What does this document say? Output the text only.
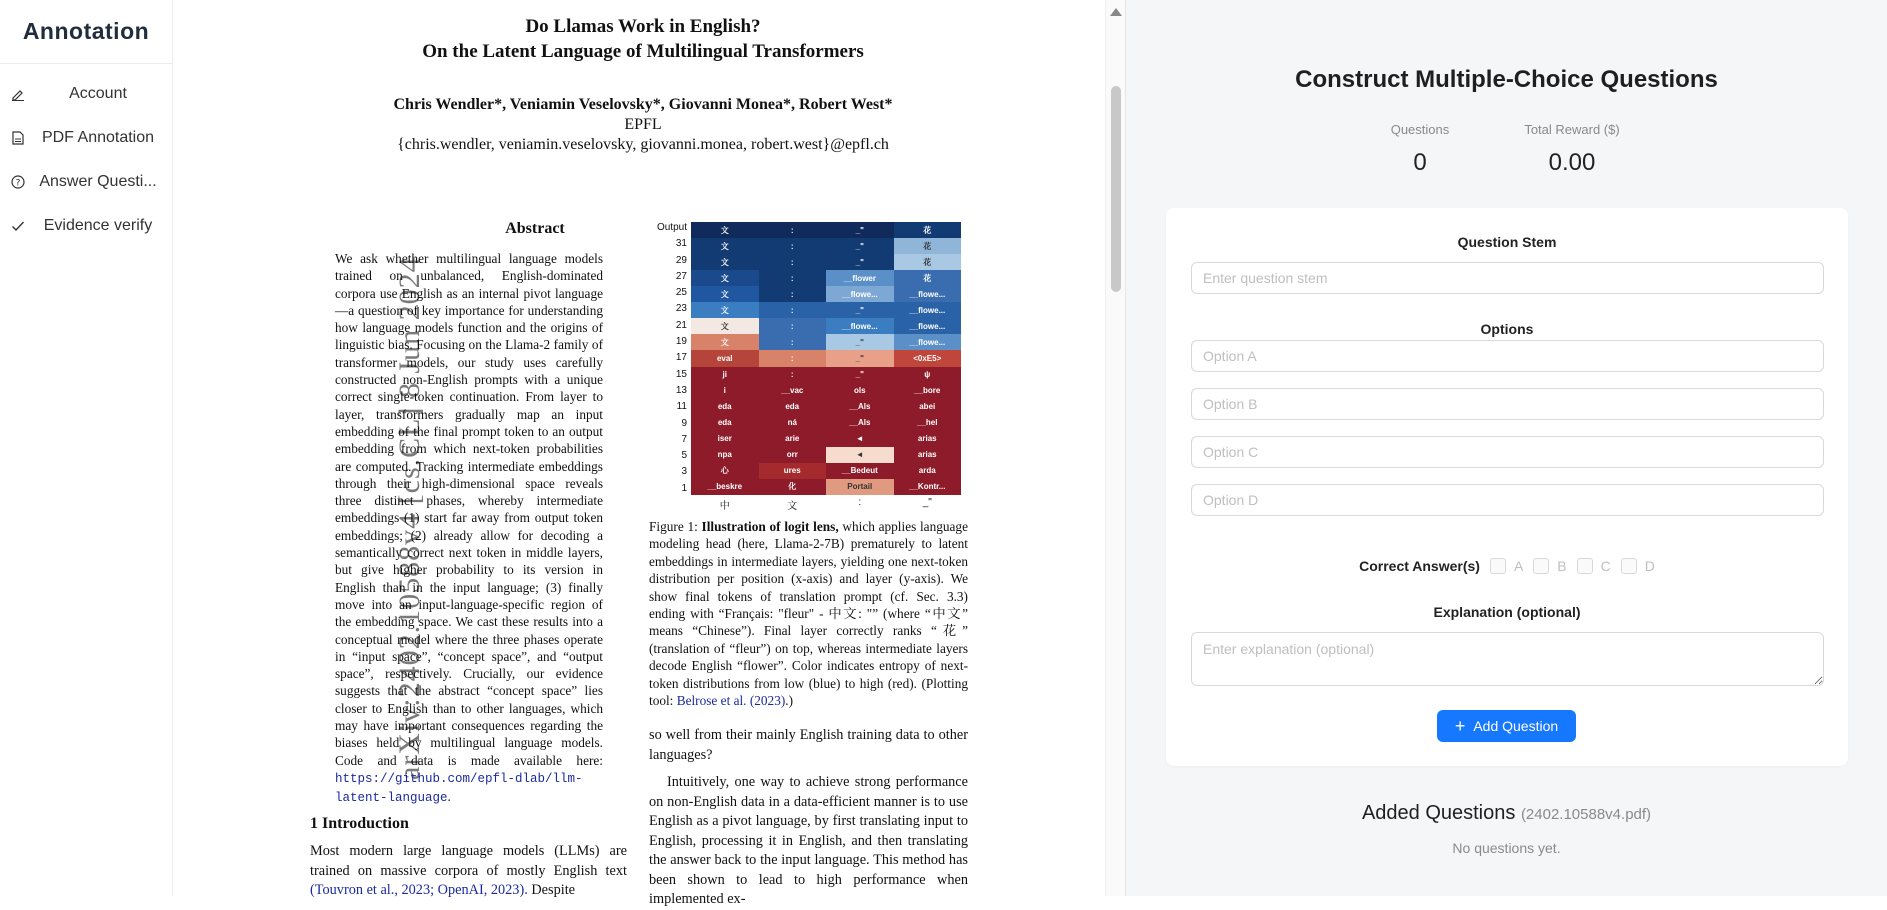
Annotation
Account
PDF Annotation
?	Answer Questi...
Evidence verify
Do Llamas Work in English?
On the Latent Language of Multilingual Transformers
Chris Wendler*, Veniamin Veselovsky*, Giovanni Monea*, Robert West*
EPFL
{chris.wendler, veniamin.veselovsky, giovanni.monea, robert.west}@epfl.ch
arXiv:2402.10588v4 [cs.CL] 8 Jun 2024
Abstract
We ask whether multilingual language models trained on unbalanced, English-dominated corpora use English as an internal pivot language—a question of key importance for understanding how language models function and the origins of linguistic bias. Focusing on the Llama-2 family of transformer models, our study uses carefully constructed non-English prompts with a unique correct single-token continuation. From layer to layer, transformers gradually map an input embedding of the final prompt token to an output embedding from which next-token probabilities are computed. Tracking intermediate embeddings through their high-dimensional space reveals three distinct phases, whereby intermediate embeddings (1) start far away from output token embeddings; (2) already allow for decoding a semantically correct next token in middle layers, but give higher probability to its version in English than in the input language; (3) finally move into an input-language-specific region of the embedding space. We cast these results into a conceptual model where the three phases operate in “input space”, “concept space”, and “output space”, respectively. Crucially, our evidence suggests that the abstract “concept space” lies closer to English than to other languages, which may have important consequences regarding the biases held by multilingual language models. Code and data is made available here: https://github.com/epfl-dlab/llm-latent-language.
1 Introduction
Most modern large language models (LLMs) are trained on massive corpora of mostly English text (Touvron et al., 2023; OpenAI, 2023). Despite
Output
31
29
27
25
23
21
19
17
15
13
11
9
7
5
3
1
文	:	_"	花
文	:	_"	花
文	:	_"	花
文	:	__flower	花
文	:	__flowe...	__flowe...
文	:	_"	__flowe...
文	:	__flowe...	__flowe...
文	:	_"	__flowe...
eval	:	_"	<0xE5>
ji	:	_"	ψ
i	__vac	ols	__bore
eda	eda	__Als	abei
eda	ná	__Als	__hel
iser	arie	◄	arias
npa	orr	◄	arias
心	ures	__Bedeut	arda
__beskre	化	Portail	__Kontr...
中	文	:	_"
Figure 1: Illustration of logit lens, which applies language modeling head (here, Llama-2-7B) prematurely to latent embeddings in intermediate layers, yielding one next-token distribution per position (x-axis) and layer (y-axis). We show final tokens of translation prompt (cf. Sec. 3.3) ending with “Français: "fleur" - 中文: "” (where “中文” means “Chinese”). Final layer correctly ranks “花” (translation of “fleur”) on top, whereas intermediate layers decode English “flower”. Color indicates entropy of next-token distributions from low (blue) to high (red). (Plotting tool: Belrose et al. (2023).)

so well from their mainly English training data to other languages?

Intuitively, one way to achieve strong performance on non-English data in a data-efficient manner is to use English as a pivot language, by first translating input to English, processing it in English, and then translating the answer back to the input language. This method has been shown to lead to high performance when implemented ex-

Construct Multiple-Choice Questions
Questions
0
Total Reward ($)
0.00
Question Stem
Enter question stem
Options
Option A
Option B
Option C
Option D
Correct Answer(s) A B C D
Explanation (optional)
Enter explanation (optional)
+ Add Question
Added Questions (2402.10588v4.pdf)
No questions yet.
